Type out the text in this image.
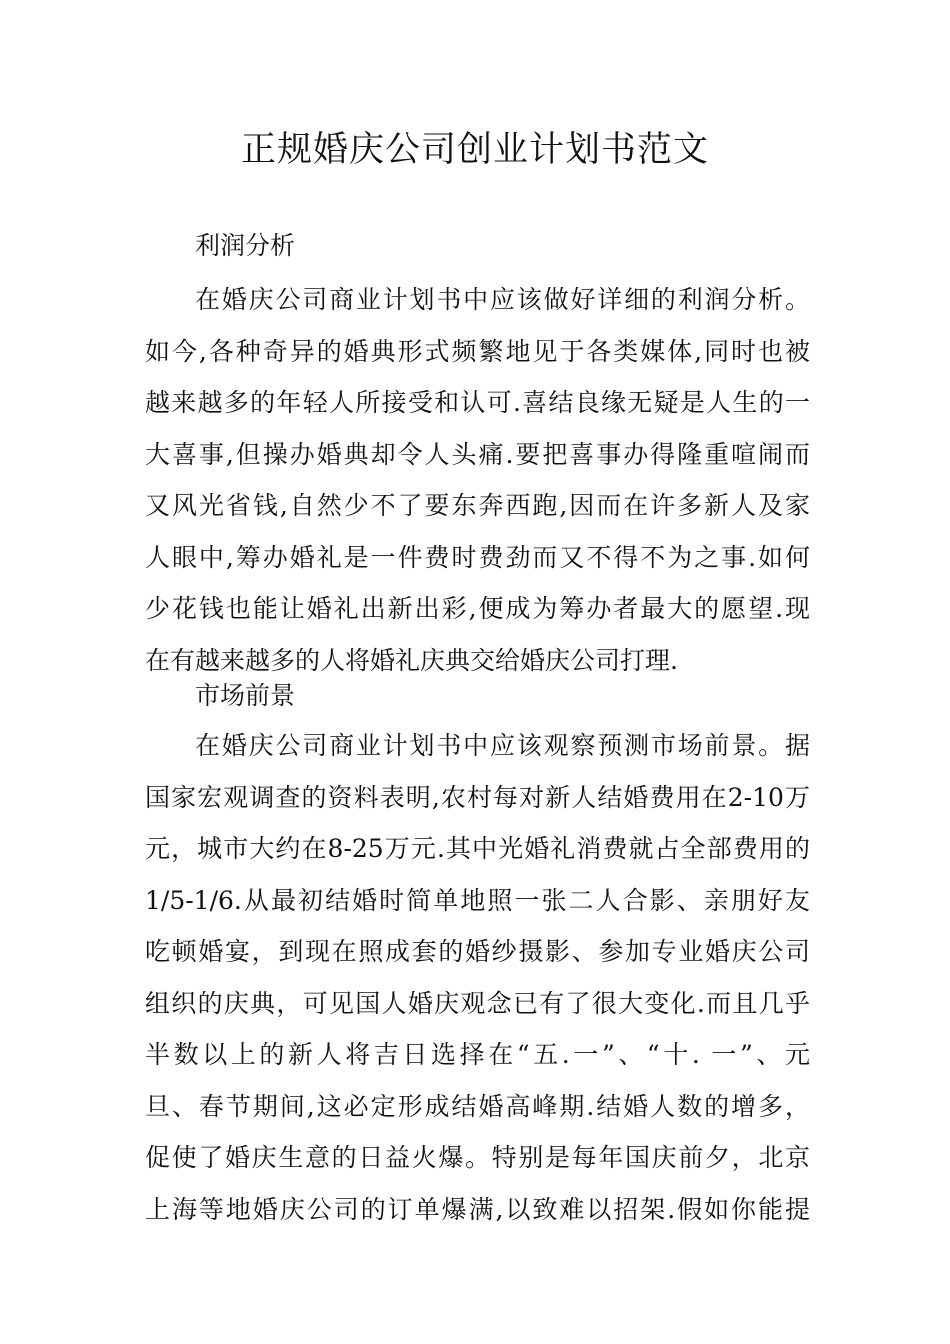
正规婚庆公司创业计划书范文
利润分析
在婚庆公司商业计划书中应该做好详细的利润分析。
如今,各种奇异的婚典形式频繁地见于各类媒体,同时也被
越来越多的年轻人所接受和认可.喜结良缘无疑是人生的一
大喜事,但操办婚典却令人头痛.要把喜事办得隆重喧闹而
又风光省钱,自然少不了要东奔西跑,因而在许多新人及家
人眼中,筹办婚礼是一件费时费劲而又不得不为之事.如何
少花钱也能让婚礼出新出彩,便成为筹办者最大的愿望.现
在有越来越多的人将婚礼庆典交给婚庆公司打理.
市场前景
在婚庆公司商业计划书中应该观察预测市场前景。据
国家宏观调查的资料表明,农村每对新人结婚费用在2-10万
元，城市大约在8-25万元.其中光婚礼消费就占全部费用的
1/5-1/6.从最初结婚时简单地照一张二人合影、亲朋好友
吃顿婚宴，到现在照成套的婚纱摄影、参加专业婚庆公司
组织的庆典，可见国人婚庆观念已有了很大变化.而且几乎
半数以上的新人将吉日选择在“五.一”、“十. 一”、元
旦、春节期间,这必定形成结婚高峰期.结婚人数的增多，
促使了婚庆生意的日益火爆。特别是每年国庆前夕，北京
上海等地婚庆公司的订单爆满,以致难以招架.假如你能提
